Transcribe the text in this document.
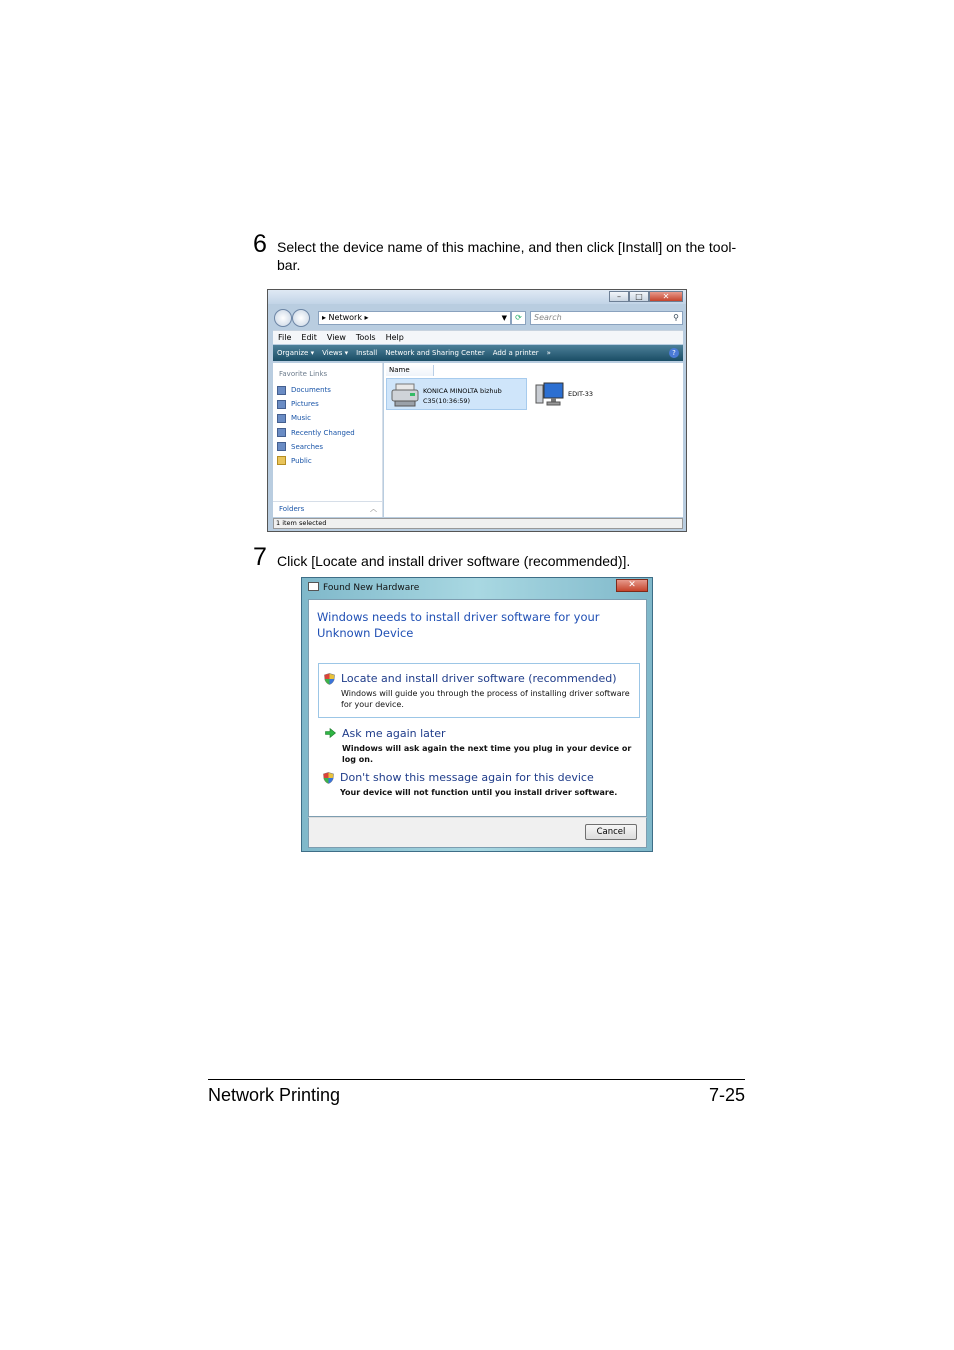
6 Select the device name of this machine, and then click [Install] on the tool-
bar.
–	□	✕
▸ Network ▸	▼	⟳	Search	⚲
File	Edit	View	Tools	Help
Organize ▾	Views ▾	Install	Network and Sharing Center	Add a printer	»	?
Favorite Links
Documents
Pictures
Music
Recently Changed
Searches
Public
Folders	︿
Name
KONICA MINOLTA bizhub
C35(10:36:59)
EDIT-33
1 item selected
7 Click [Locate and install driver software (recommended)].
Found New Hardware	✕
Windows needs to install driver software for your Unknown Device
Locate and install driver software (recommended)
Windows will guide you through the process of installing driver software for your device.
Ask me again later
Windows will ask again the next time you plug in your device or log on.
Don't show this message again for this device
Your device will not function until you install driver software.
Cancel
Network Printing	7-25
